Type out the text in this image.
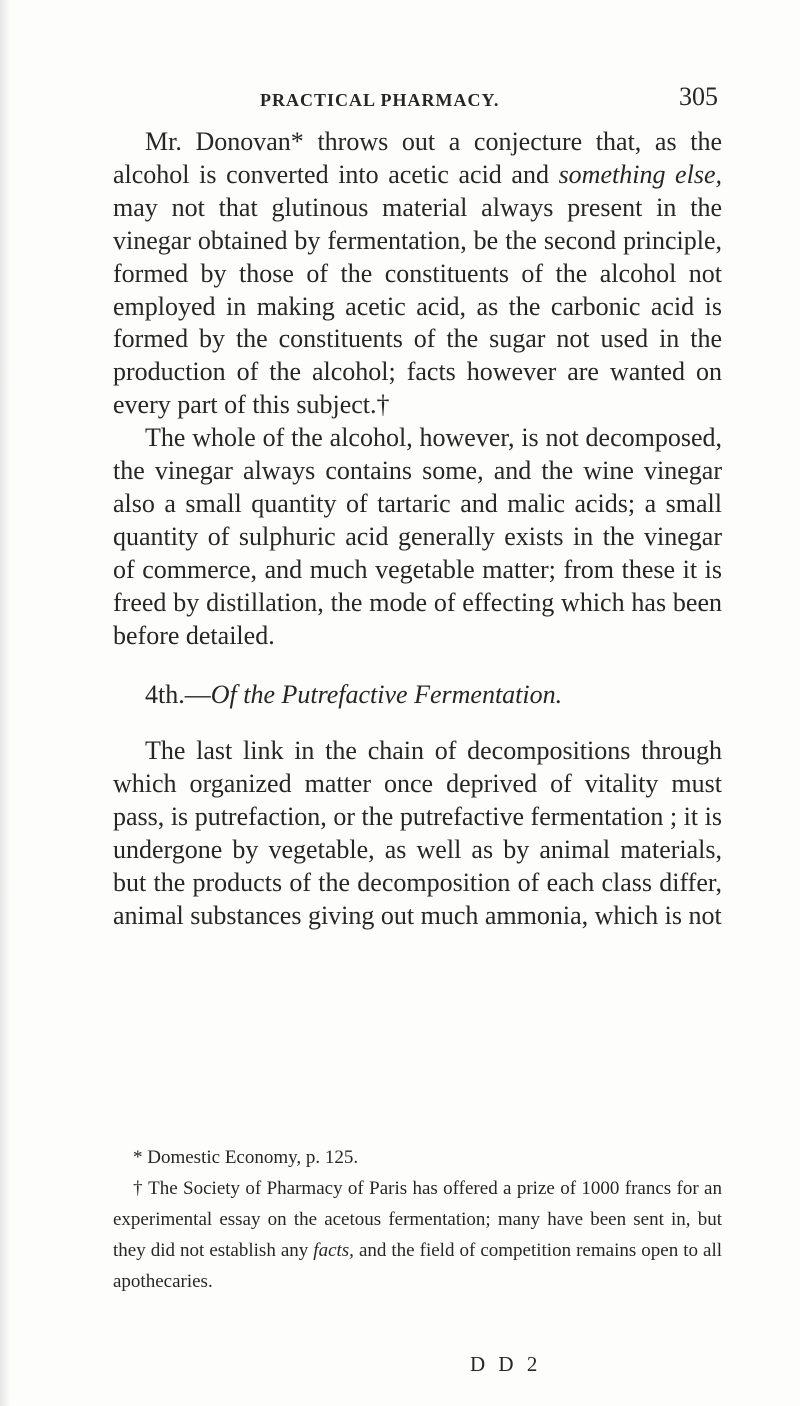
PRACTICAL PHARMACY.	305

Mr. Donovan* throws out a conjecture that, as the alcohol is converted into acetic acid and something else, may not that glutinous material always present in the vinegar obtained by fermentation, be the second principle, formed by those of the constituents of the alcohol not employed in making acetic acid, as the carbonic acid is formed by the constituents of the sugar not used in the production of the alcohol; facts however are wanted on every part of this subject.†

The whole of the alcohol, however, is not decomposed, the vinegar always contains some, and the wine vinegar also a small quantity of tartaric and malic acids; a small quantity of sulphuric acid generally exists in the vinegar of commerce, and much vegetable matter; from these it is freed by distillation, the mode of effecting which has been before detailed.

4th.—Of the Putrefactive Fermentation.

The last link in the chain of decompositions through which organized matter once deprived of vitality must pass, is putrefaction, or the putrefactive fermentation ; it is undergone by vegetable, as well as by animal materials, but the products of the decomposition of each class differ, animal substances giving out much ammonia, which is not

* Domestic Economy, p. 125.

† The Society of Pharmacy of Paris has offered a prize of 1000 francs for an experimental essay on the acetous fermentation; many have been sent in, but they did not establish any facts, and the field of competition remains open to all apothecaries.

D D 2
